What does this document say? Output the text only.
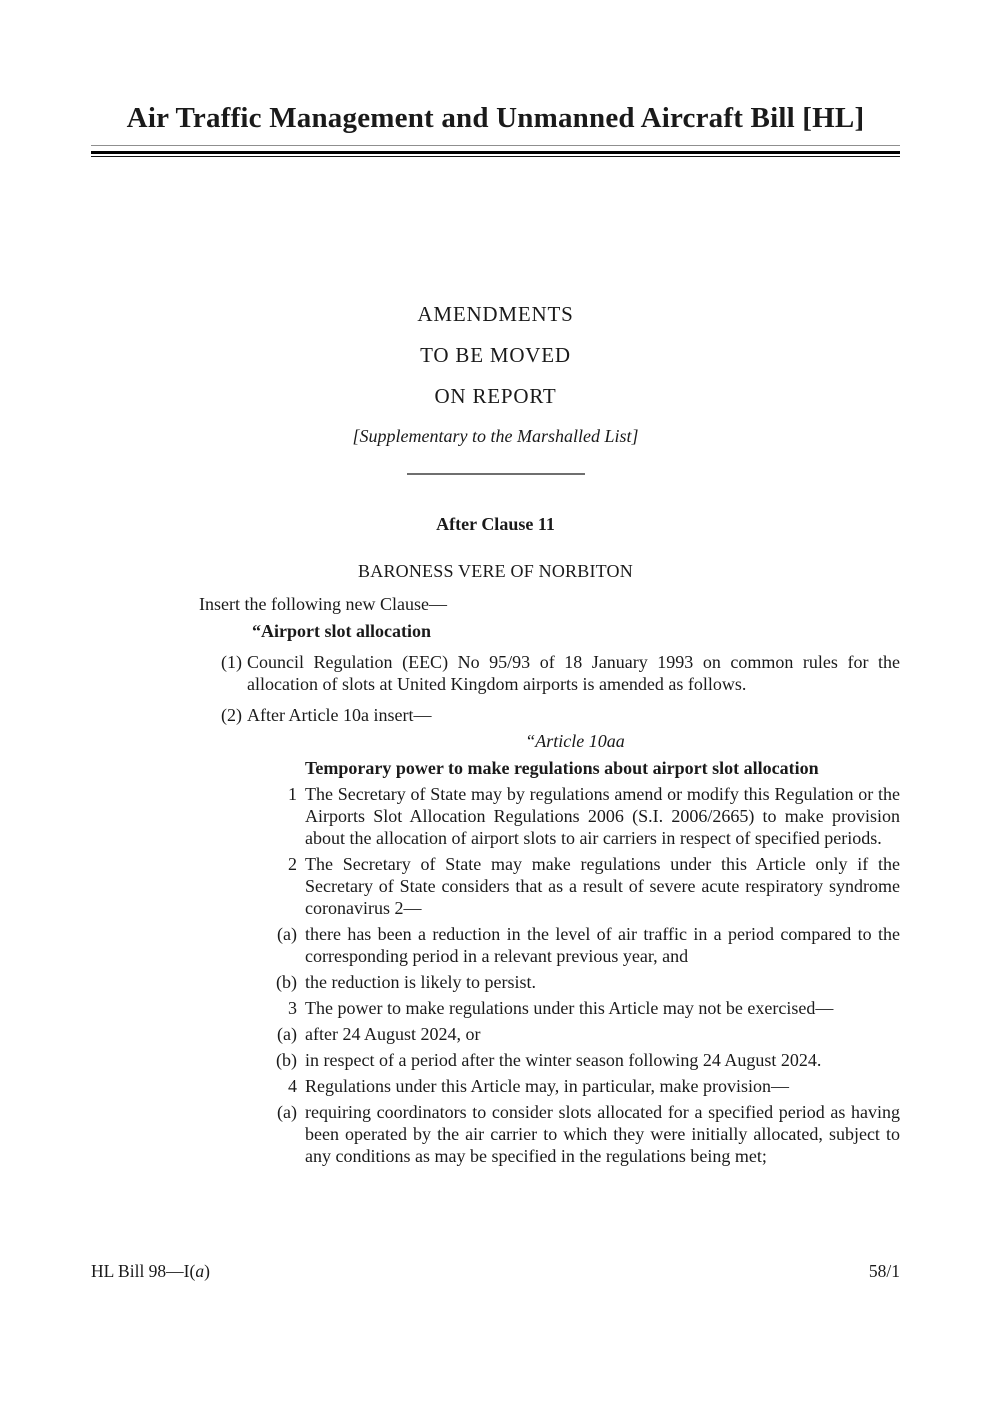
Air Traffic Management and Unmanned Aircraft Bill [HL]
AMENDMENTS
TO BE MOVED
ON REPORT
[Supplementary to the Marshalled List]
After Clause 11
BARONESS VERE OF NORBITON
Insert the following new Clause—
“Airport slot allocation
(1) Council Regulation (EEC) No 95/93 of 18 January 1993 on common rules for the allocation of slots at United Kingdom airports is amended as follows.
(2) After Article 10a insert—
“Article 10aa
Temporary power to make regulations about airport slot allocation
1 The Secretary of State may by regulations amend or modify this Regulation or the Airports Slot Allocation Regulations 2006 (S.I. 2006/2665) to make provision about the allocation of airport slots to air carriers in respect of specified periods.
2 The Secretary of State may make regulations under this Article only if the Secretary of State considers that as a result of severe acute respiratory syndrome coronavirus 2—
(a) there has been a reduction in the level of air traffic in a period compared to the corresponding period in a relevant previous year, and
(b) the reduction is likely to persist.
3 The power to make regulations under this Article may not be exercised—
(a) after 24 August 2024, or
(b) in respect of a period after the winter season following 24 August 2024.
4 Regulations under this Article may, in particular, make provision—
(a) requiring coordinators to consider slots allocated for a specified period as having been operated by the air carrier to which they were initially allocated, subject to any conditions as may be specified in the regulations being met;
HL Bill 98—I(a)	58/1
